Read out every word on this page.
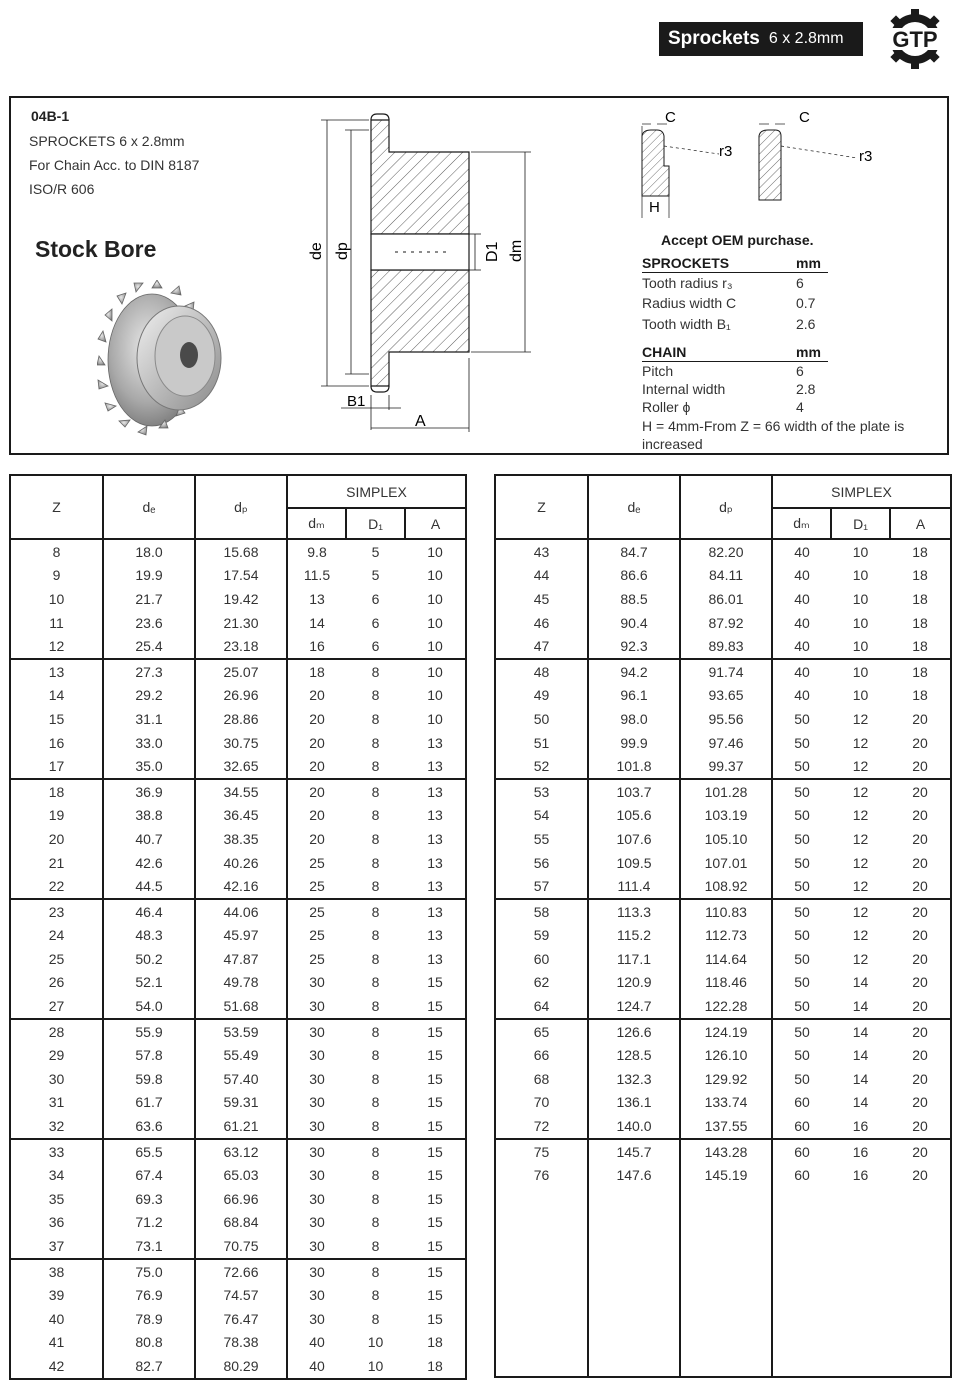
Sprockets 6 x 2.8mm GTP
04B-1
SPROCKETS 6 x 2.8mm
For Chain Acc. to DIN 8187
ISO/R 606
Stock Bore	de dp	D1 dm
B1
A
C	C
r3	r3
H
Accept OEM purchase.
SPROCKETS	mm
Tooth radius r₃	6
Radius width C	0.7
Tooth width B₁	2.6
CHAIN	mm
Pitch	6
Internal width	2.8
Roller ϕ	4
H = 4mm-From Z = 66 width of the plate is increased
Z	dₑ	dₚ	SIMPLEX		
			dₘ	D₁	A
8	18.0	15.68	9.8	5	10
9	19.9	17.54	11.5	5	10
10	21.7	19.42	13	6	10
11	23.6	21.30	14	6	10
12	25.4	23.18	16	6	10
13	27.3	25.07	18	8	10
14	29.2	26.96	20	8	10
15	31.1	28.86	20	8	10
16	33.0	30.75	20	8	13
17	35.0	32.65	20	8	13
18	36.9	34.55	20	8	13
19	38.8	36.45	20	8	13
20	40.7	38.35	20	8	13
21	42.6	40.26	25	8	13
22	44.5	42.16	25	8	13
23	46.4	44.06	25	8	13
24	48.3	45.97	25	8	13
25	50.2	47.87	25	8	13
26	52.1	49.78	30	8	15
27	54.0	51.68	30	8	15
28	55.9	53.59	30	8	15
29	57.8	55.49	30	8	15
30	59.8	57.40	30	8	15
31	61.7	59.31	30	8	15
32	63.6	61.21	30	8	15
33	65.5	63.12	30	8	15
34	67.4	65.03	30	8	15
35	69.3	66.96	30	8	15
36	71.2	68.84	30	8	15
37	73.1	70.75	30	8	15
38	75.0	72.66	30	8	15
39	76.9	74.57	30	8	15
40	78.9	76.47	30	8	15
41	80.8	78.38	40	10	18
42	82.7	80.29	40	10	18
Z	dₑ	dₚ	SIMPLEX		
			dₘ	D₁	A
43	84.7	82.20	40	10	18
44	86.6	84.11	40	10	18
45	88.5	86.01	40	10	18
46	90.4	87.92	40	10	18
47	92.3	89.83	40	10	18
48	94.2	91.74	40	10	18
49	96.1	93.65	40	10	18
50	98.0	95.56	50	12	20
51	99.9	97.46	50	12	20
52	101.8	99.37	50	12	20
53	103.7	101.28	50	12	20
54	105.6	103.19	50	12	20
55	107.6	105.10	50	12	20
56	109.5	107.01	50	12	20
57	111.4	108.92	50	12	20
58	113.3	110.83	50	12	20
59	115.2	112.73	50	12	20
60	117.1	114.64	50	12	20
62	120.9	118.46	50	14	20
64	124.7	122.28	50	14	20
65	126.6	124.19	50	14	20
66	128.5	126.10	50	14	20
68	132.3	129.92	50	14	20
70	136.1	133.74	60	14	20
72	140.0	137.55	60	16	20
75	145.7	143.28	60	16	20
76	147.6	145.19	60	16	20
